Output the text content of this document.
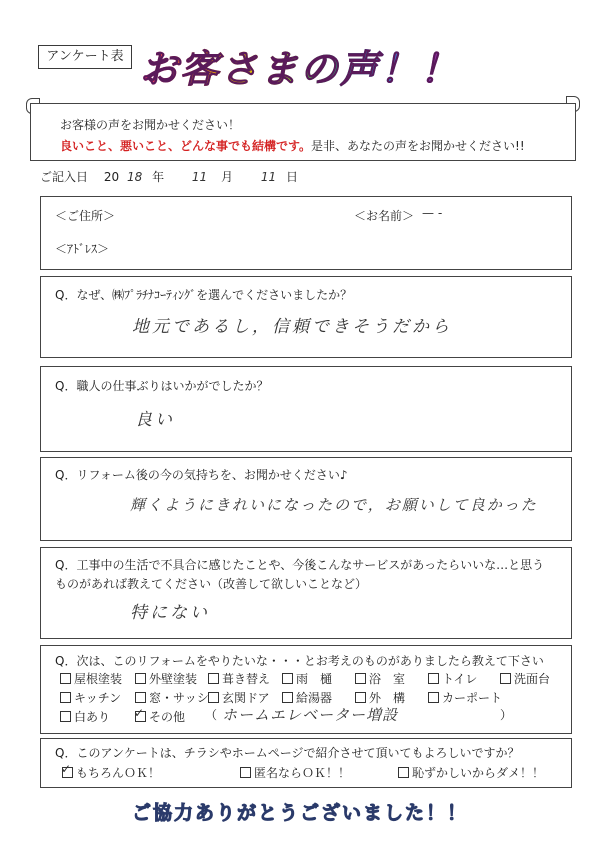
アンケート表 お客さまの声！！
お客様の声をお聞かせください！
良いこと、悪いこと、どんな事でも結構です。是非、あなたの声をお聞かせください!!
ご記入日 20 18 年 11 月 11 日
＜ご住所＞	＜お名前＞ — -
＜ｱﾄﾞﾚｽ＞
Q．なぜ、㈱ﾌﾟﾗﾁﾅｺｰﾃｨﾝｸﾞを選んでくださいましたか？
地元であるし，信頼できそうだから
Q．職人の仕事ぶりはいかがでしたか？
良い
Q．リフォーム後の今の気持ちを、お聞かせください♪
輝くようにきれいになったので，お願いして良かった
Q．工事中の生活で不具合に感じたことや、今後こんなサービスがあったらいいな…と思う
ものがあれば教えてください（改善して欲しいことなど）
特にない
Q．次は、このリフォームをやりたいな・・・とお考えのものがありましたら教えて下さい
屋根塗装	外壁塗装	葺き替え	雨　樋	浴　室	トイレ	洗面台
キッチン	窓・サッシ	玄関ドア	給湯器	外　構	カーポート
白あり ✓ その他 （ ホームエレベーター増設	）
Q．このアンケートは、チラシやホームページで紹介させて頂いてもよろしいですか？
✓ もちろんＯＫ！	匿名ならＯＫ！！	恥ずかしいからダメ！！
ご協力ありがとうございました！！
